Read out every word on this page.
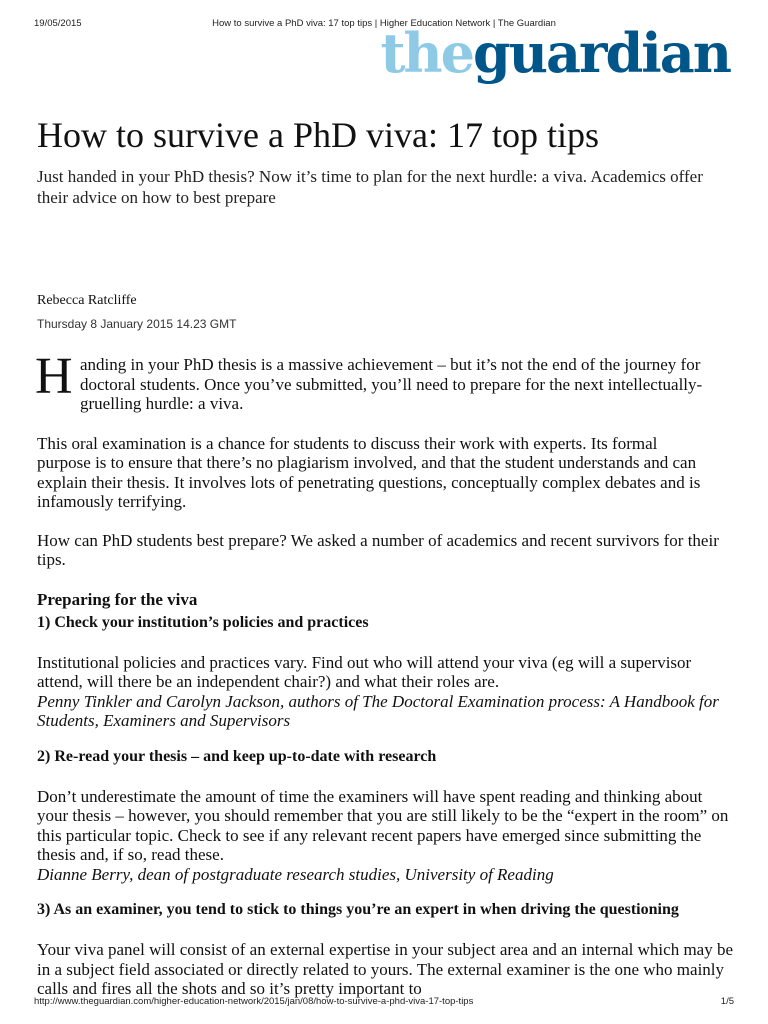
19/05/2015	How to survive a PhD viva: 17 top tips | Higher Education Network | The Guardian
theguardian
How to survive a PhD viva: 17 top tips

Just handed in your PhD thesis? Now it’s time to plan for the next hurdle: a viva. Academics offer their advice on how to best prepare

Rebecca Ratcliffe

Thursday 8 January 2015 14.23 GMT

H anding in your PhD thesis is a massive achievement – but it’s not the end of the journey for doctoral students. Once you’ve submitted, you’ll need to prepare for the next intellectually-gruelling hurdle: a viva.

This oral examination is a chance for students to discuss their work with experts. Its formal purpose is to ensure that there’s no plagiarism involved, and that the student understands and can explain their thesis. It involves lots of penetrating questions, conceptually complex debates and is infamously terrifying.

How can PhD students best prepare? We asked a number of academics and recent survivors for their tips.

Preparing for the viva
1) Check your institution’s policies and practices

Institutional policies and practices vary. Find out who will attend your viva (eg will a supervisor attend, will there be an independent chair?) and what their roles are.
Penny Tinkler and Carolyn Jackson, authors of The Doctoral Examination process: A Handbook for Students, Examiners and Supervisors

2) Re-read your thesis – and keep up-to-date with research

Don’t underestimate the amount of time the examiners will have spent reading and thinking about your thesis – however, you should remember that you are still likely to be the “expert in the room” on this particular topic. Check to see if any relevant recent papers have emerged since submitting the thesis and, if so, read these.
Dianne Berry, dean of postgraduate research studies, University of Reading

3) As an examiner, you tend to stick to things you’re an expert in when driving the questioning

Your viva panel will consist of an external expertise in your subject area and an internal which may be in a subject field associated or directly related to yours. The external examiner is the one who mainly calls and fires all the shots and so it’s pretty important to

http://www.theguardian.com/higher-education-network/2015/jan/08/how-to-survive-a-phd-viva-17-top-tips	1/5
